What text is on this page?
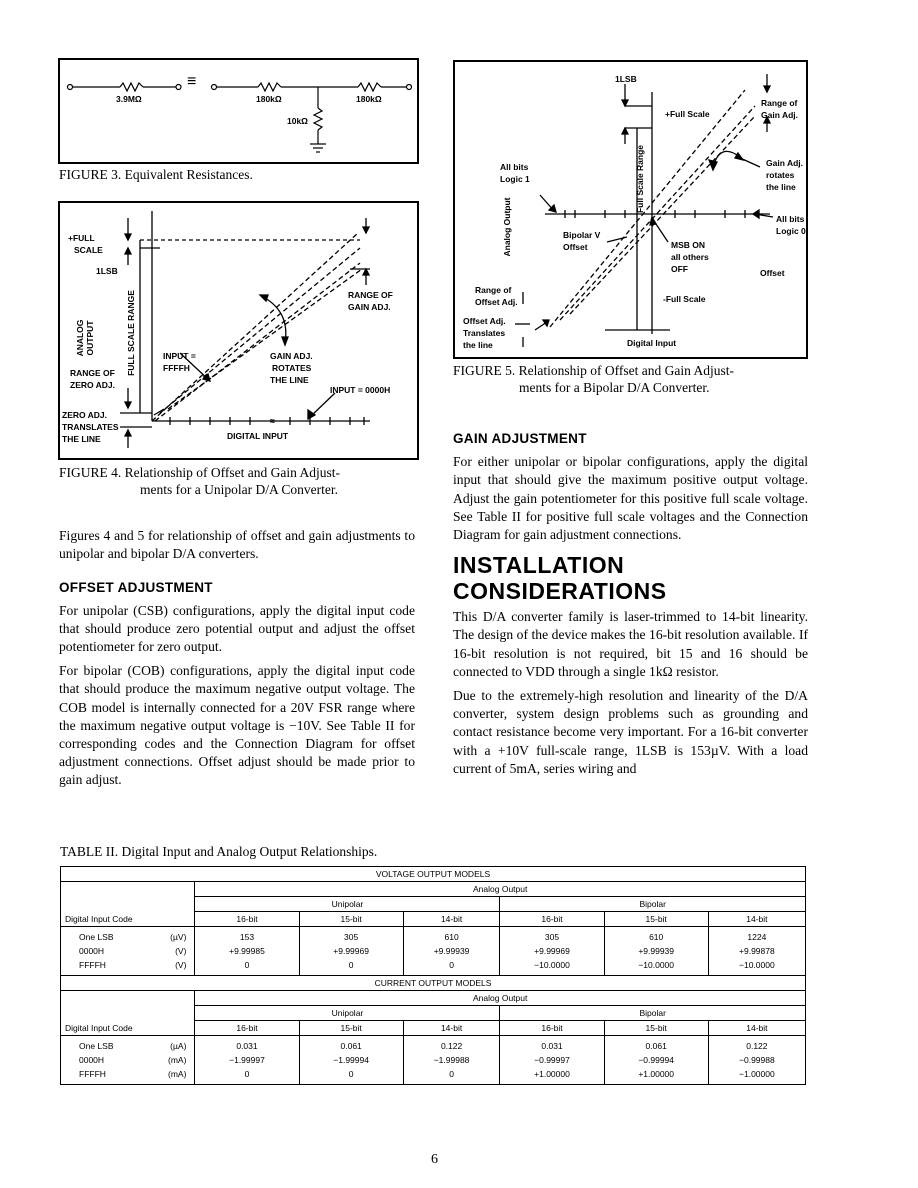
3.9MΩ
≡
180kΩ	180kΩ
10kΩ
FIGURE 3. Equivalent Resistances.
≈
+FULL
SCALE
1LSB
ANALOG OUTPUT	FULL SCALE RANGE
RANGE OF
ZERO ADJ.
ZERO ADJ.
TRANSLATES
THE LINE
INPUT =
FFFFH
GAIN ADJ.
ROTATES
THE LINE
RANGE OF
GAIN ADJ.
INPUT = 0000H
DIGITAL INPUT
FIGURE 4. Relationship of Offset and Gain Adjust-
ments for a Unipolar D/A Converter.
1LSB
+Full Scale
Range of
Gain Adj.
Gain Adj.
rotates
the line
All bits
Logic 1	Full Scale Range
Analog Output	All bits
Logic 0
Bipolar V
Offset	MSB ON
all others
OFF	Offset
Range of
Offset Adj.
Offset Adj.
Translates
the line
-Full Scale
Digital Input
FIGURE 5. Relationship of Offset and Gain Adjust-
ments for a Bipolar D/A Converter.

Figures 4 and 5 for relationship of offset and gain adjustments to unipolar and bipolar D/A converters.

OFFSET ADJUSTMENT

For unipolar (CSB) configurations, apply the digital input code that should produce zero potential output and adjust the offset potentiometer for zero output.

For bipolar (COB) configurations, apply the digital input code that should produce the maximum negative output voltage. The COB model is internally connected for a 20V FSR range where the maximum negative output voltage is −10V. See Table II for corresponding codes and the Connection Diagram for offset adjustment connections. Offset adjust should be made prior to gain adjust.

GAIN ADJUSTMENT

For either unipolar or bipolar configurations, apply the digital input that should give the maximum positive output voltage. Adjust the gain potentiometer for this positive full scale voltage. See Table II for positive full scale voltages and the Connection Diagram for gain adjustment connections.

INSTALLATION
CONSIDERATIONS

This D/A converter family is laser-trimmed to 14-bit linearity. The design of the device makes the 16-bit resolution available. If 16-bit resolution is not required, bit 15 and 16 should be connected to VDD through a single 1kΩ resistor.

Due to the extremely-high resolution and linearity of the D/A converter, system design problems such as grounding and contact resistance become very important. For a 16-bit converter with a +10V full-scale range, 1LSB is 153µV. With a load current of 5mA, series wiring and

TABLE II. Digital Input and Analog Output Relationships.
VOLTAGE OUTPUT MODELS						
Digital Input Code	Analog Output					
	Unipolar			Bipolar		
	16-bit	15-bit	14-bit	16-bit	15-bit	14-bit
One LSB (µV)	153	305	610	305	610	1224
0000H (V)	+9.99985	+9.99969	+9.99939	+9.99969	+9.99939	+9.99878
FFFFH (V)	0	0	0	−10.0000	−10.0000	−10.0000
CURRENT OUTPUT MODELS						
Digital Input Code	Analog Output					
	Unipolar			Bipolar		
	16-bit	15-bit	14-bit	16-bit	15-bit	14-bit
One LSB (µA)	0.031	0.061	0.122	0.031	0.061	0.122
0000H (mA)	−1.99997	−1.99994	−1.99988	−0.99997	−0.99994	−0.99988
FFFFH (mA)	0	0	0	+1.00000	+1.00000	−1.00000
6
